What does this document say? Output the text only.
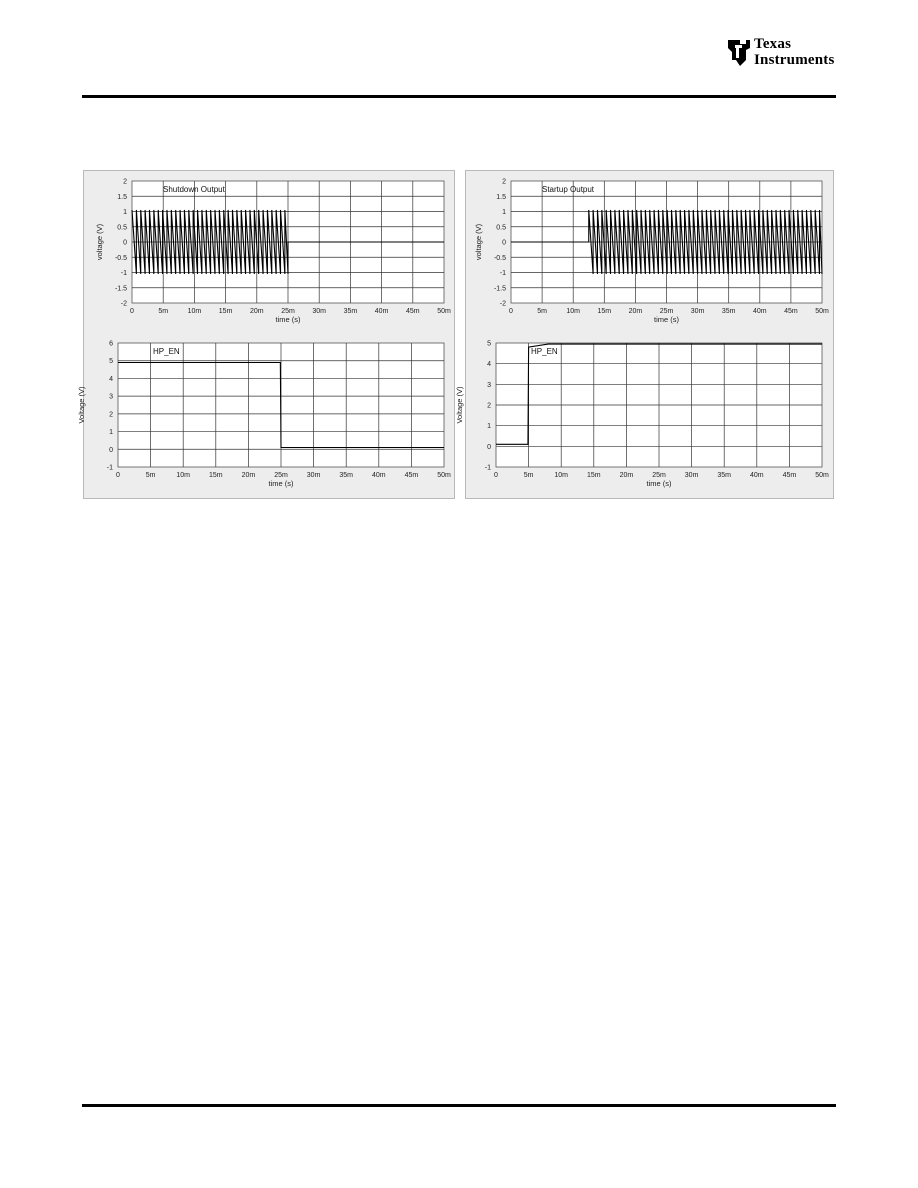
Texas
Instruments
0	5m	10m	15m	20m	25m	30m	35m	40m	45m	50m
-2
-1.5
-1
-0.5
0
0.5
1
1.5
2
time (s)
voltage (V)
Shutdown Output
0	5m	10m	15m	20m	25m	30m	35m	40m	45m	50m
-1
0
1
2
3
4
5
6
time (s)
Voltage (V)
HP_EN
0	5m	10m 15m 20m 25m 30m 35m 40m 45m 50m
-2
-1.5
-1
-0.5
0
0.5
1
1.5
2
time (s)
voltage (V)
Startup Output
0	5m	10m	15m	20m	25m	30m	35m	40m	45m	50m
-1
0
1
2
3
4
5
time (s)
Voltage (V)
HP_EN
